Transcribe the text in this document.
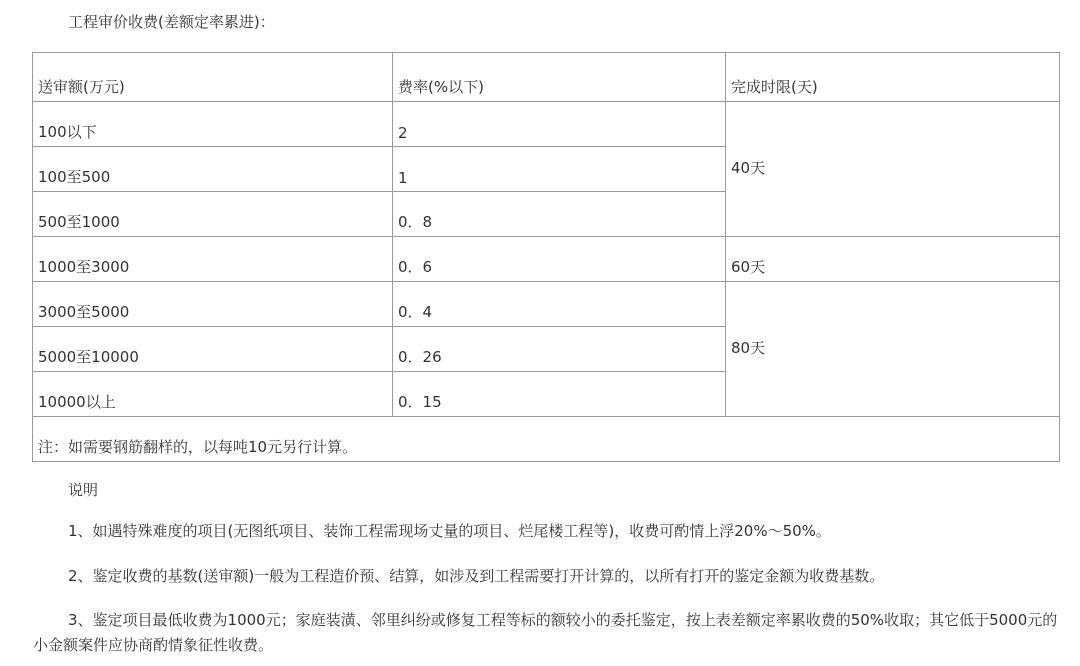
工程审价收费(差额定率累进)：
送审额(万元)	费率(%以下)	完成时限(天)
100以下	2	40天
100至500	1	
500至1000	0．8	
1000至3000	0．6	60天
3000至5000	0．4	80天
5000至10000	0．26	
10000以上	0．15	
注：如需要钢筋翻样的，以每吨10元另行计算。		
说明
1、如遇特殊难度的项目(无图纸项目、装饰工程需现场丈量的项目、烂尾楼工程等)，收费可酌情上浮20%～50%。
2、鉴定收费的基数(送审额)一般为工程造价预、结算，如涉及到工程需要打开计算的，以所有打开的鉴定金额为收费基数。
3、鉴定项目最低收费为1000元；家庭装潢、邻里纠纷或修复工程等标的额较小的委托鉴定，按上表差额定率累收费的50%收取；其它低于5000元的小金额案件应协商酌情象征性收费。
